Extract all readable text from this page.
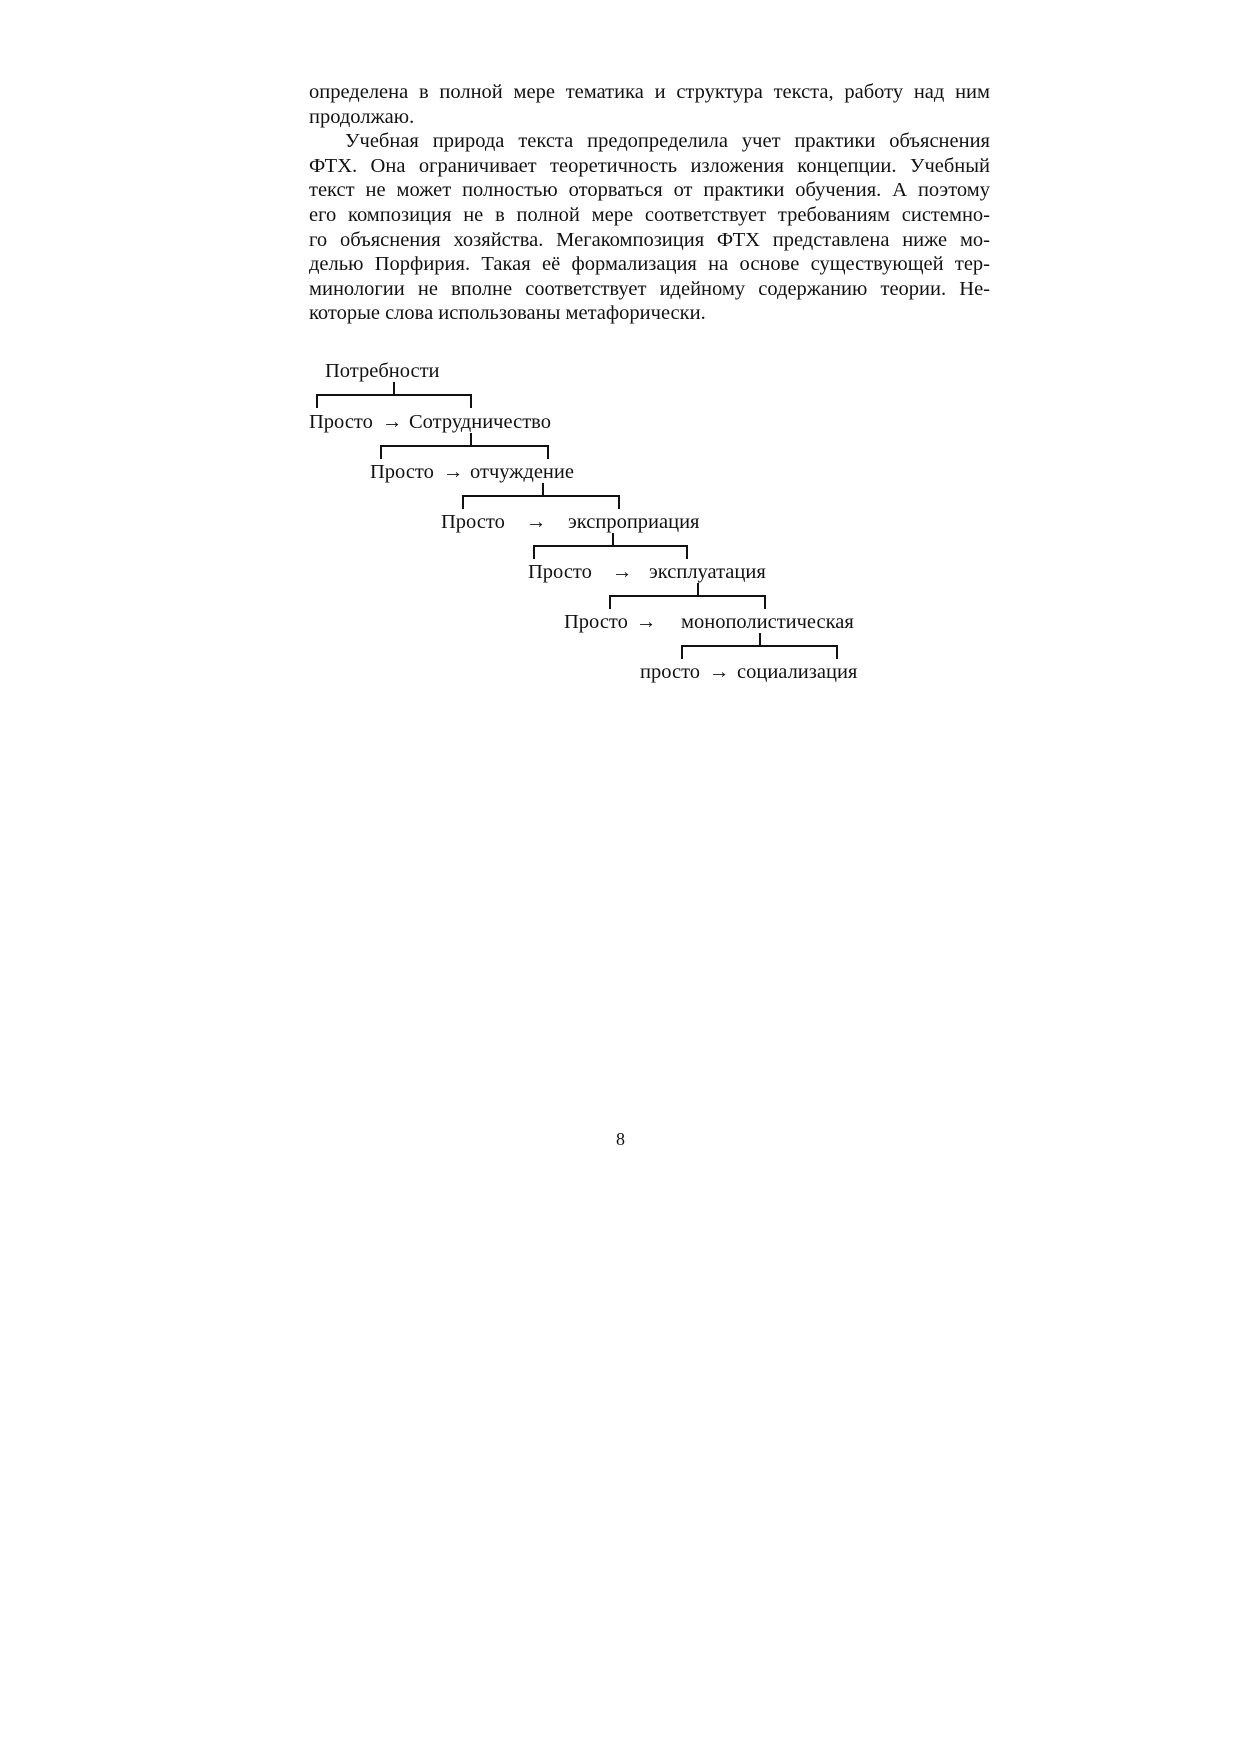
определена в полной мере тематика и структура текста, работу над ним
продолжаю.
Учебная природа текста предопределила учет практики объяснения
ФТХ. Она ограничивает теоретичность изложения концепции. Учебный
текст не может полностью оторваться от практики обучения. А поэтому
его композиция не в полной мере соответствует требованиям системно-
го объяснения хозяйства. Мегакомпозиция ФТХ представлена ниже мо-
делью Порфирия. Такая её формализация на основе существующей тер-
минологии не вполне соответствует идейному содержанию теории. Не-
которые слова использованы метафорически.
Потребности
Просто → Сотрудничество
Просто → отчуждение
Просто → экспроприация
Просто → эксплуатация
Просто → монополистическая
просто → социализация
8
